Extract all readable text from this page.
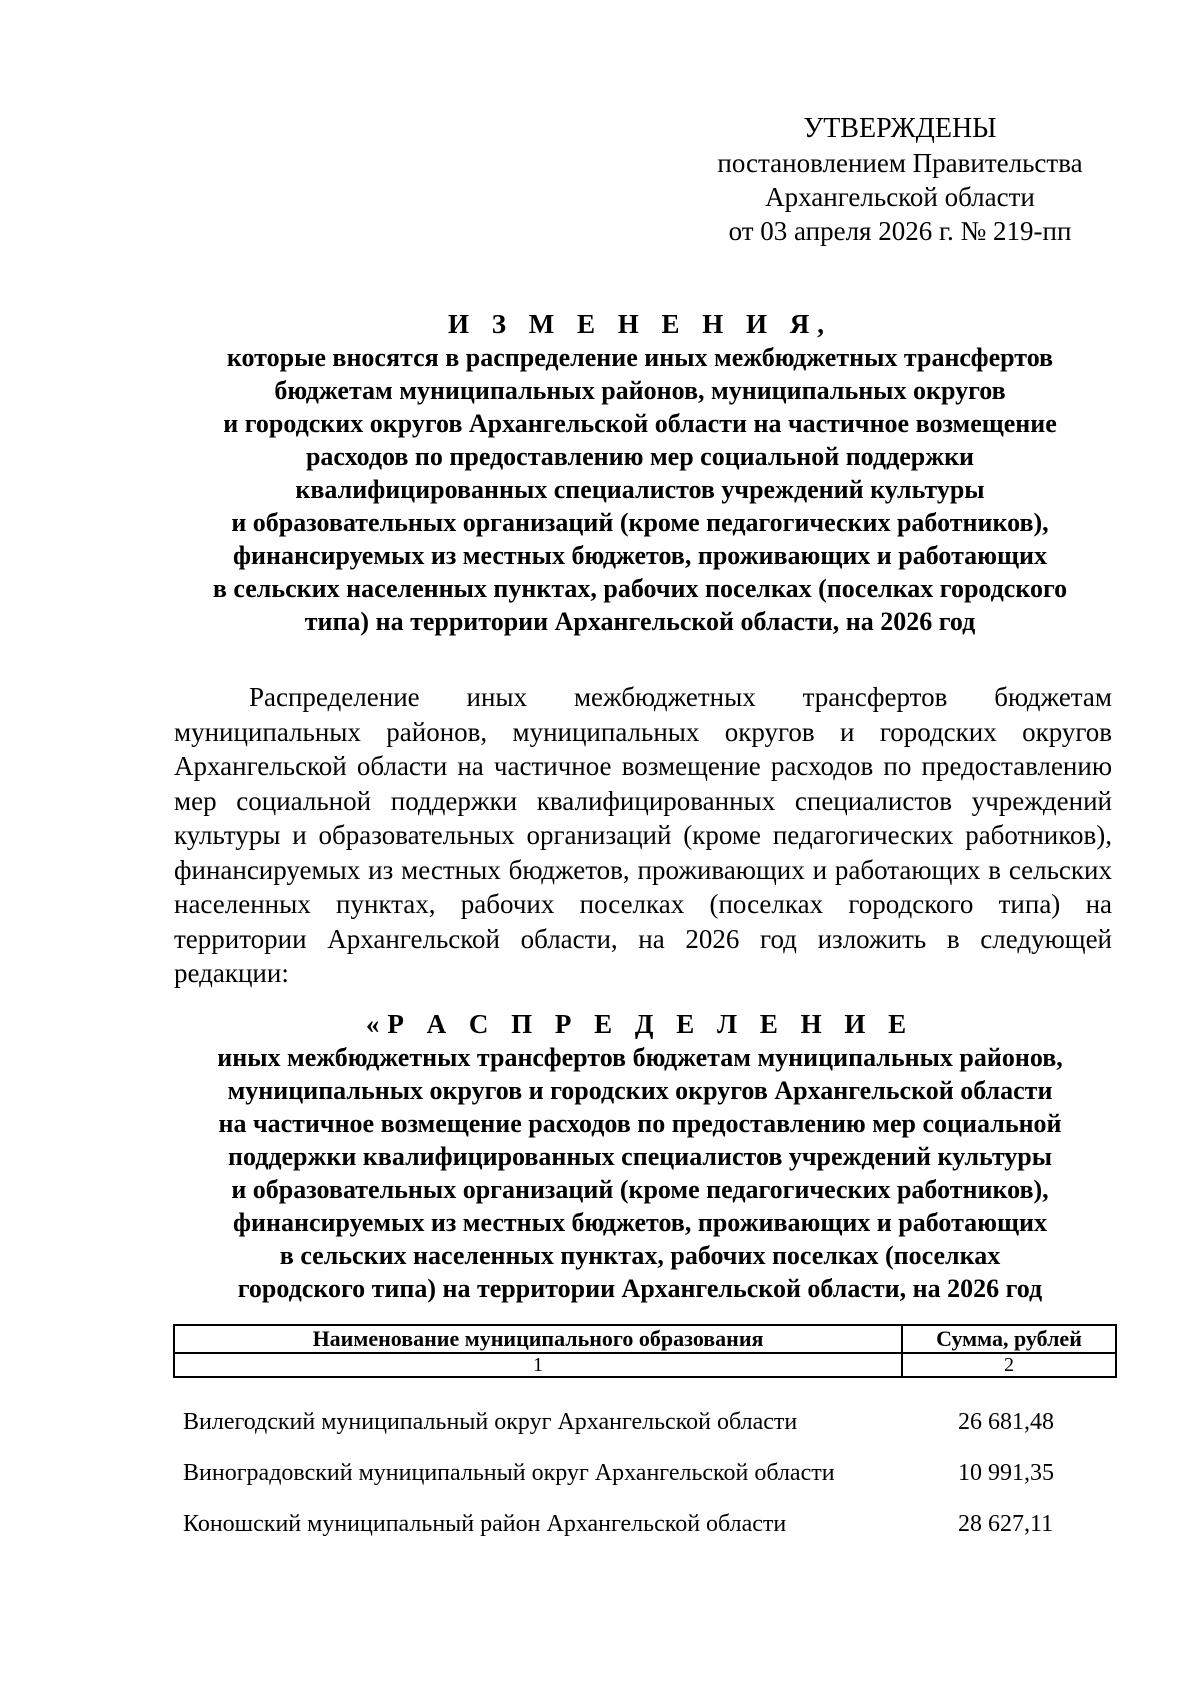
УТВЕРЖДЕНЫ
постановлением Правительства
Архангельской области
от 03 апреля 2026 г. № 219-пп
И З М Е Н Е Н И Я,
которые вносятся в распределение иных межбюджетных трансфертов
бюджетам муниципальных районов, муниципальных округов
и городских округов Архангельской области на частичное возмещение
расходов по предоставлению мер социальной поддержки
квалифицированных специалистов учреждений культуры
и образовательных организаций (кроме педагогических работников),
финансируемых из местных бюджетов, проживающих и работающих
в сельских населенных пунктах, рабочих поселках (поселках городского
типа) на территории Архангельской области, на 2026 год
Распределение иных межбюджетных трансфертов бюджетам муниципальных районов, муниципальных округов и городских округов Архангельской области на частичное возмещение расходов по предоставлению мер социальной поддержки квалифицированных специалистов учреждений культуры и образовательных организаций (кроме педагогических работников), финансируемых из местных бюджетов, проживающих и работающих в сельских населенных пунктах, рабочих поселках (поселках городского типа) на территории Архангельской области, на 2026 год изложить в следующей редакции:
«Р А С П Р Е Д Е Л Е Н И Е
иных межбюджетных трансфертов бюджетам муниципальных районов,
муниципальных округов и городских округов Архангельской области
на частичное возмещение расходов по предоставлению мер социальной
поддержки квалифицированных специалистов учреждений культуры
и образовательных организаций (кроме педагогических работников),
финансируемых из местных бюджетов, проживающих и работающих
в сельских населенных пунктах, рабочих поселках (поселках
городского типа) на территории Архангельской области, на 2026 год
Наименование муниципального образования	Сумма, рублей
1	2
Вилегодский муниципальный округ Архангельской области	26 681,48
Виноградовский муниципальный округ Архангельской области	10 991,35
Коношский муниципальный район Архангельской области	28 627,11
